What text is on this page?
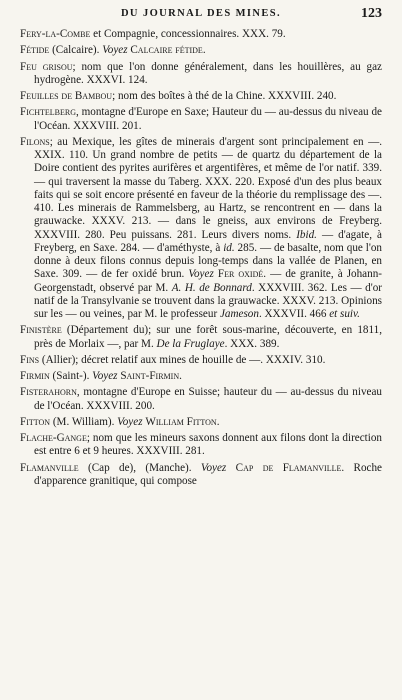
DU JOURNAL DES MINES.	123

Fery-la-Combe et Compagnie, concessionnaires. XXX. 79.

Fétide (Calcaire). Voyez Calcaire fétide.

Feu grisou; nom que l'on donne généralement, dans les houillères, au gaz hydrogène. XXXVI. 124.

Feuilles de Bambou; nom des boîtes à thé de la Chine. XXXVIII. 240.

Fichtelberg, montagne d'Europe en Saxe; Hauteur du — au-dessus du niveau de l'Océan. XXXVIII. 201.

Filons; au Mexique, les gîtes de minerais d'argent sont principalement en —. XXIX. 110. Un grand nombre de petits — de quartz du département de la Doire contient des pyrites aurifères et argentifères, et même de l'or natif. 339. — qui traversent la masse du Taberg. XXX. 220. Exposé d'un des plus beaux faits qui se soit encore présenté en faveur de la théorie du remplissage des —. 410. Les minerais de Rammelsberg, au Hartz, se rencontrent en — dans la grauwacke. XXXV. 213. — dans le gneiss, aux environs de Freyberg. XXXVIII. 280. Peu puissans. 281. Leurs divers noms. Ibid. — d'agate, à Freyberg, en Saxe. 284. — d'améthyste, à id. 285. — de basalte, nom que l'on donne à deux filons connus depuis long-temps dans la vallée de Planen, en Saxe. 309. — de fer oxidé brun. Voyez Fer oxidé. — de granite, à Johann-Georgenstadt, observé par M. A. H. de Bonnard. XXXVIII. 362. Les — d'or natif de la Transylvanie se trouvent dans la grauwacke. XXXV. 213. Opinions sur les — ou veines, par M. le professeur Jameson. XXXVII. 466 et suiv.

Finistère (Département du); sur une forêt sous-marine, découverte, en 1811, près de Morlaix —, par M. De la Fruglaye. XXX. 389.

Fins (Allier); décret relatif aux mines de houille de —. XXXIV. 310.

Firmin (Saint-). Voyez Saint-Firmin.

Fisterahorn, montagne d'Europe en Suisse; hauteur du — au-dessus du niveau de l'Océan. XXXVIII. 200.

Fitton (M. William). Voyez William Fitton.

Flache-Gange; nom que les mineurs saxons donnent aux filons dont la direction est entre 6 et 9 heures. XXXVIII. 281.

Flamanville (Cap de), (Manche). Voyez Cap de Flamanville. Roche d'apparence granitique, qui compose
